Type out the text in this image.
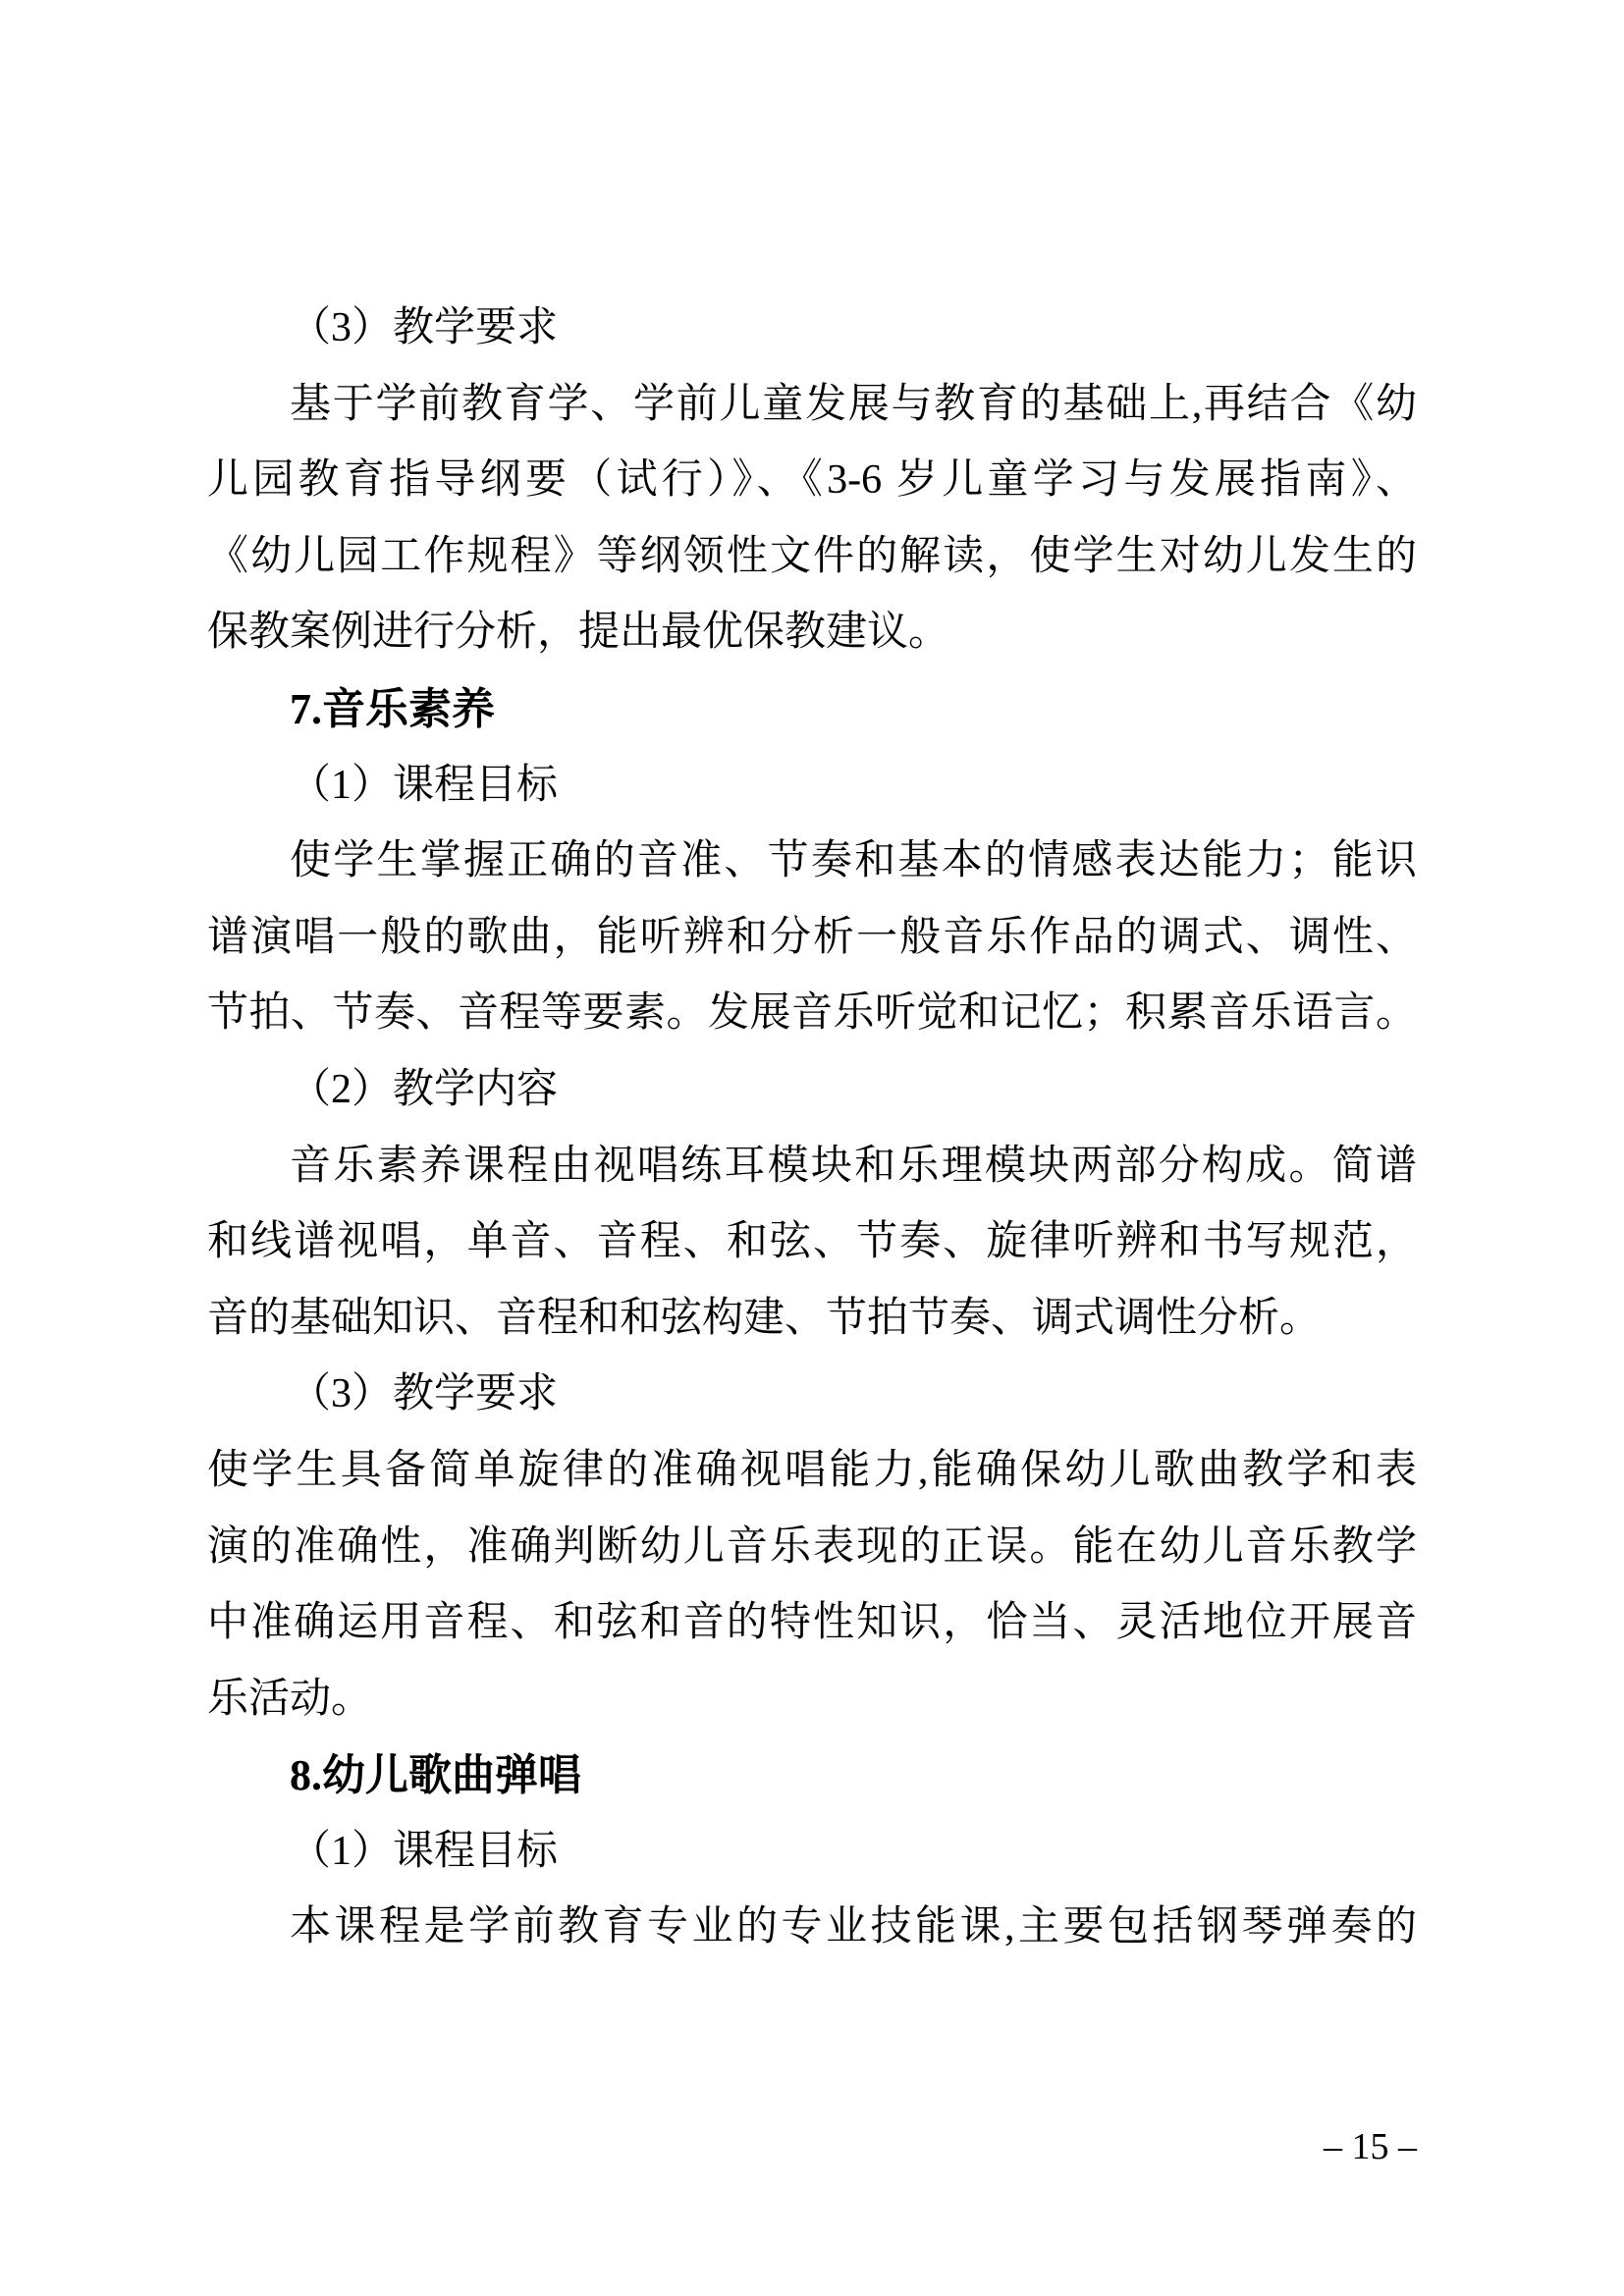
（3）教学要求
基于学前教育学、学前儿童发展与教育的基础上,再结合《幼
儿园教育指导纲要（试行）》、《3-6 岁儿童学习与发展指南》、
《幼儿园工作规程》等纲领性文件的解读，使学生对幼儿发生的
保教案例进行分析，提出最优保教建议。
7.音乐素养
（1）课程目标
使学生掌握正确的音准、节奏和基本的情感表达能力；能识
谱演唱一般的歌曲，能听辨和分析一般音乐作品的调式、调性、
节拍、节奏、音程等要素。发展音乐听觉和记忆；积累音乐语言。
（2）教学内容
音乐素养课程由视唱练耳模块和乐理模块两部分构成。简谱
和线谱视唱，单音、音程、和弦、节奏、旋律听辨和书写规范，
音的基础知识、音程和和弦构建、节拍节奏、调式调性分析。
（3）教学要求
使学生具备简单旋律的准确视唱能力,能确保幼儿歌曲教学和表
演的准确性，准确判断幼儿音乐表现的正误。能在幼儿音乐教学
中准确运用音程、和弦和音的特性知识，恰当、灵活地位开展音
乐活动。
8.幼儿歌曲弹唱
（1）课程目标
本课程是学前教育专业的专业技能课,主要包括钢琴弹奏的
– 15 –
